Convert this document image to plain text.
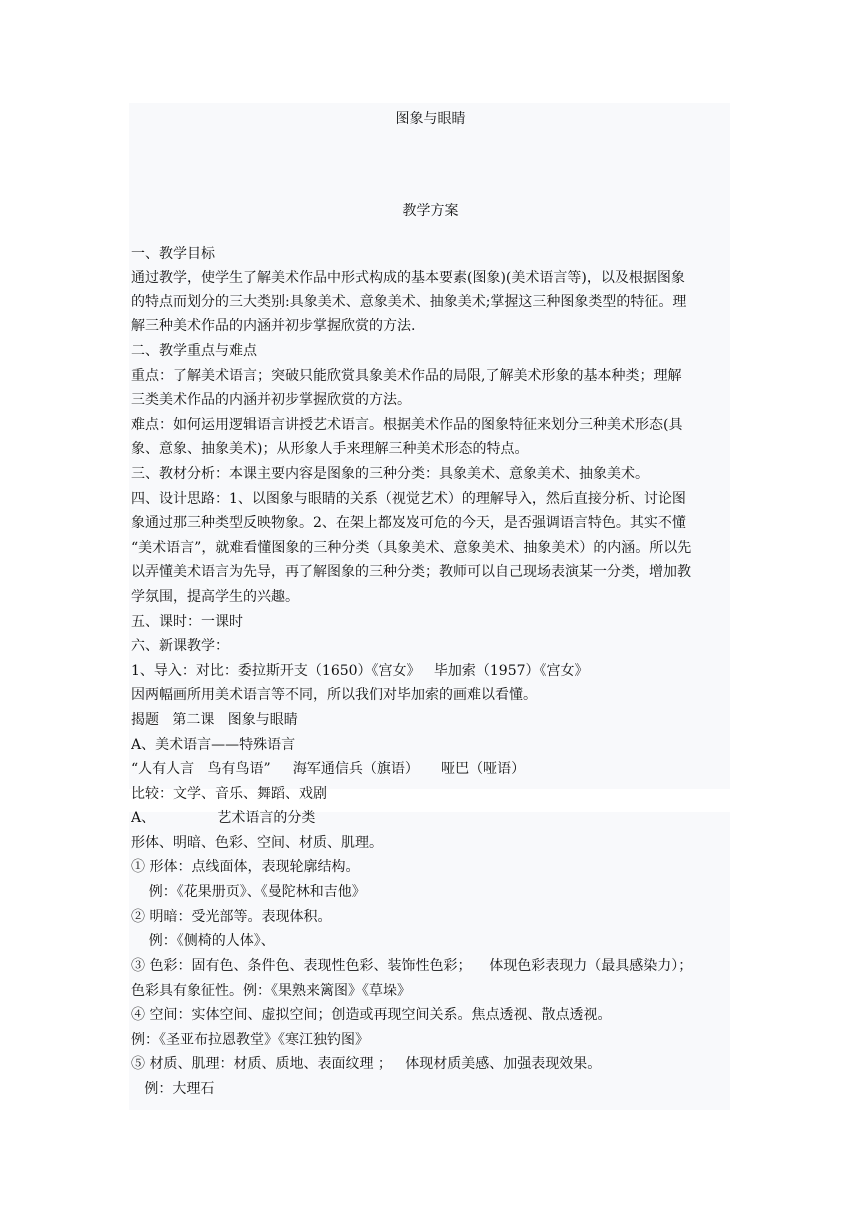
图象与眼睛
教学方案
一、教学目标
通过教学，使学生了解美术作品中形式构成的基本要素(图象)(美术语言等)，以及根据图象
的特点而划分的三大类别:具象美术、意象美术、抽象美术;掌握这三种图象类型的特征。理
解三种美术作品的内涵并初步掌握欣赏的方法.
二、教学重点与难点
重点：了解美术语言；突破只能欣赏具象美术作品的局限,了解美术形象的基本种类；理解
三类美术作品的内涵并初步掌握欣赏的方法。
难点：如何运用逻辑语言讲授艺术语言。根据美术作品的图象特征来划分三种美术形态(具
象、意象、抽象美术)；从形象人手来理解三种美术形态的特点。
三、教材分析：本课主要内容是图象的三种分类：具象美术、意象美术、抽象美术。
四、设计思路：1、以图象与眼睛的关系（视觉艺术）的理解导入，然后直接分析、讨论图
象通过那三种类型反映物象。2、在架上都岌岌可危的今天，是否强调语言特色。其实不懂
“美术语言”，就难看懂图象的三种分类（具象美术、意象美术、抽象美术）的内涵。所以先
以弄懂美术语言为先导，再了解图象的三种分类；教师可以自己现场表演某一分类，增加教
学氛围，提高学生的兴趣。
五、课时：一课时
六、新课教学：
1、导入：对比：委拉斯开支（1650）《宫女》   毕加索（1957）《宫女》
因两幅画所用美术语言等不同，所以我们对毕加索的画难以看懂。
揭题   第二课   图象与眼睛
A、美术语言——特殊语言
“人有人言   鸟有鸟语”     海军通信兵（旗语）     哑巴（哑语）
比较：文学、音乐、舞蹈、戏剧
A、              艺术语言的分类
形体、明暗、色彩、空间、材质、肌理。
① 形体：点线面体，表现轮廓结构。
例：《花果册页》、《曼陀林和吉他》
② 明暗：受光部等。表现体积。
例：《侧椅的人体》、
③ 色彩：固有色、条件色、表现性色彩、装饰性色彩；    体现色彩表现力（最具感染力）；
色彩具有象征性。例：《果熟来篱图》《草垛》
④ 空间：实体空间、虚拟空间；创造或再现空间关系。焦点透视、散点透视。
例：《圣亚布拉恩教堂》《寒江独钓图》
⑤ 材质、肌理：材质、质地、表面纹理 ；   体现材质美感、加强表现效果。
例：大理石
